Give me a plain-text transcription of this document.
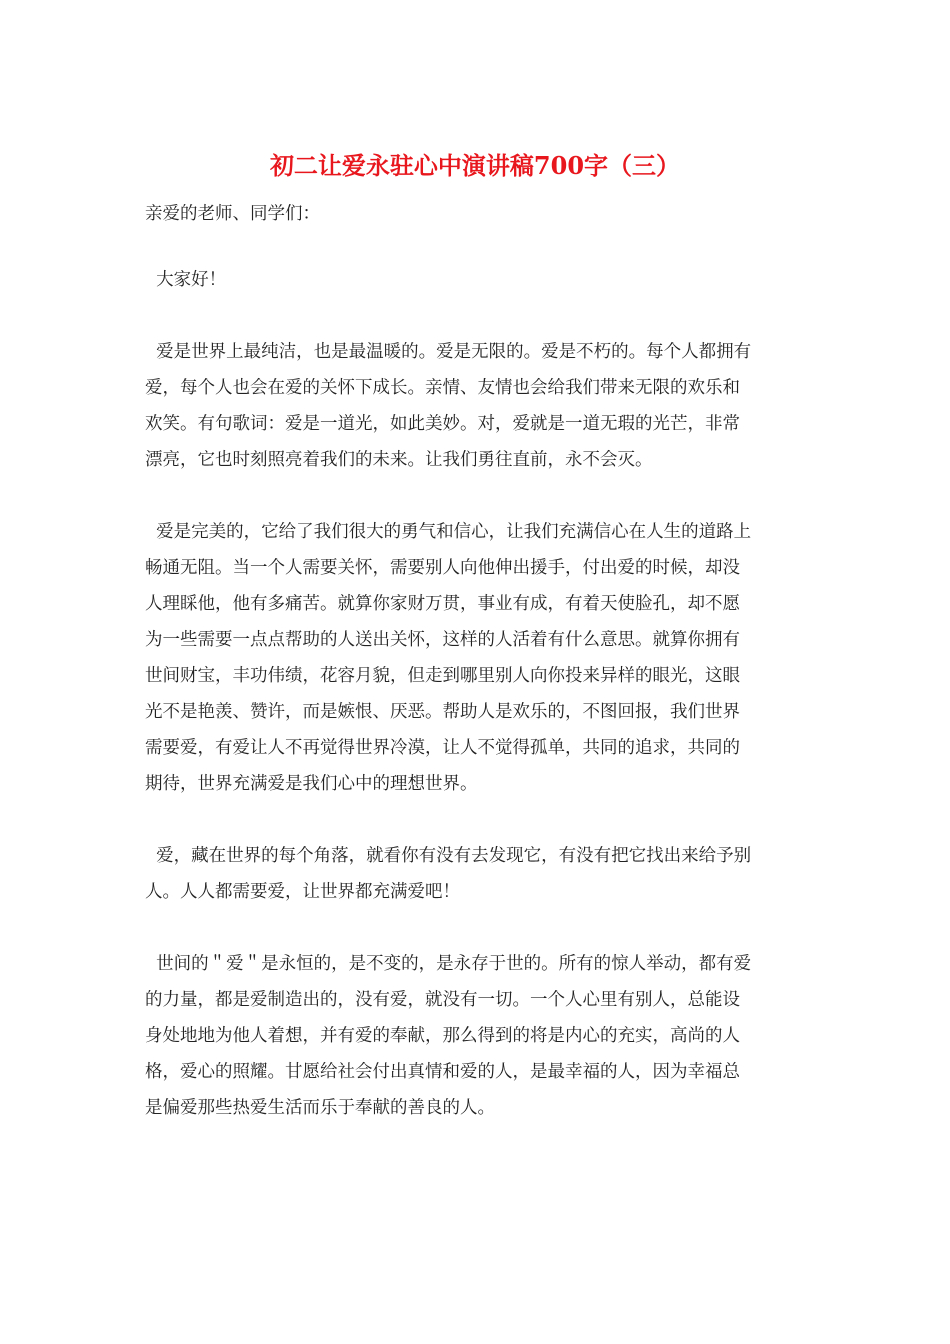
初二让爱永驻心中演讲稿700字（三）
亲爱的老师、同学们：
大家好！
爱是世界上最纯洁，也是最温暖的。爱是无限的。爱是不朽的。每个人都拥有
爱，每个人也会在爱的关怀下成长。亲情、友情也会给我们带来无限的欢乐和
欢笑。有句歌词：爱是一道光，如此美妙。对，爱就是一道无瑕的光芒，非常
漂亮，它也时刻照亮着我们的未来。让我们勇往直前，永不会灭。
爱是完美的，它给了我们很大的勇气和信心，让我们充满信心在人生的道路上
畅通无阻。当一个人需要关怀，需要别人向他伸出援手，付出爱的时候，却没
人理睬他，他有多痛苦。就算你家财万贯，事业有成，有着天使脸孔，却不愿
为一些需要一点点帮助的人送出关怀，这样的人活着有什么意思。就算你拥有
世间财宝，丰功伟绩，花容月貌，但走到哪里别人向你投来异样的眼光，这眼
光不是艳羡、赞许，而是嫉恨、厌恶。帮助人是欢乐的，不图回报，我们世界
需要爱，有爱让人不再觉得世界冷漠，让人不觉得孤单，共同的追求，共同的
期待，世界充满爱是我们心中的理想世界。
爱，藏在世界的每个角落，就看你有没有去发现它，有没有把它找出来给予别
人。人人都需要爱，让世界都充满爱吧！
世间的＂爱＂是永恒的，是不变的，是永存于世的。所有的惊人举动，都有爱
的力量，都是爱制造出的，没有爱，就没有一切。一个人心里有别人，总能设
身处地地为他人着想，并有爱的奉献，那么得到的将是内心的充实，高尚的人
格，爱心的照耀。甘愿给社会付出真情和爱的人，是最幸福的人，因为幸福总
是偏爱那些热爱生活而乐于奉献的善良的人。
